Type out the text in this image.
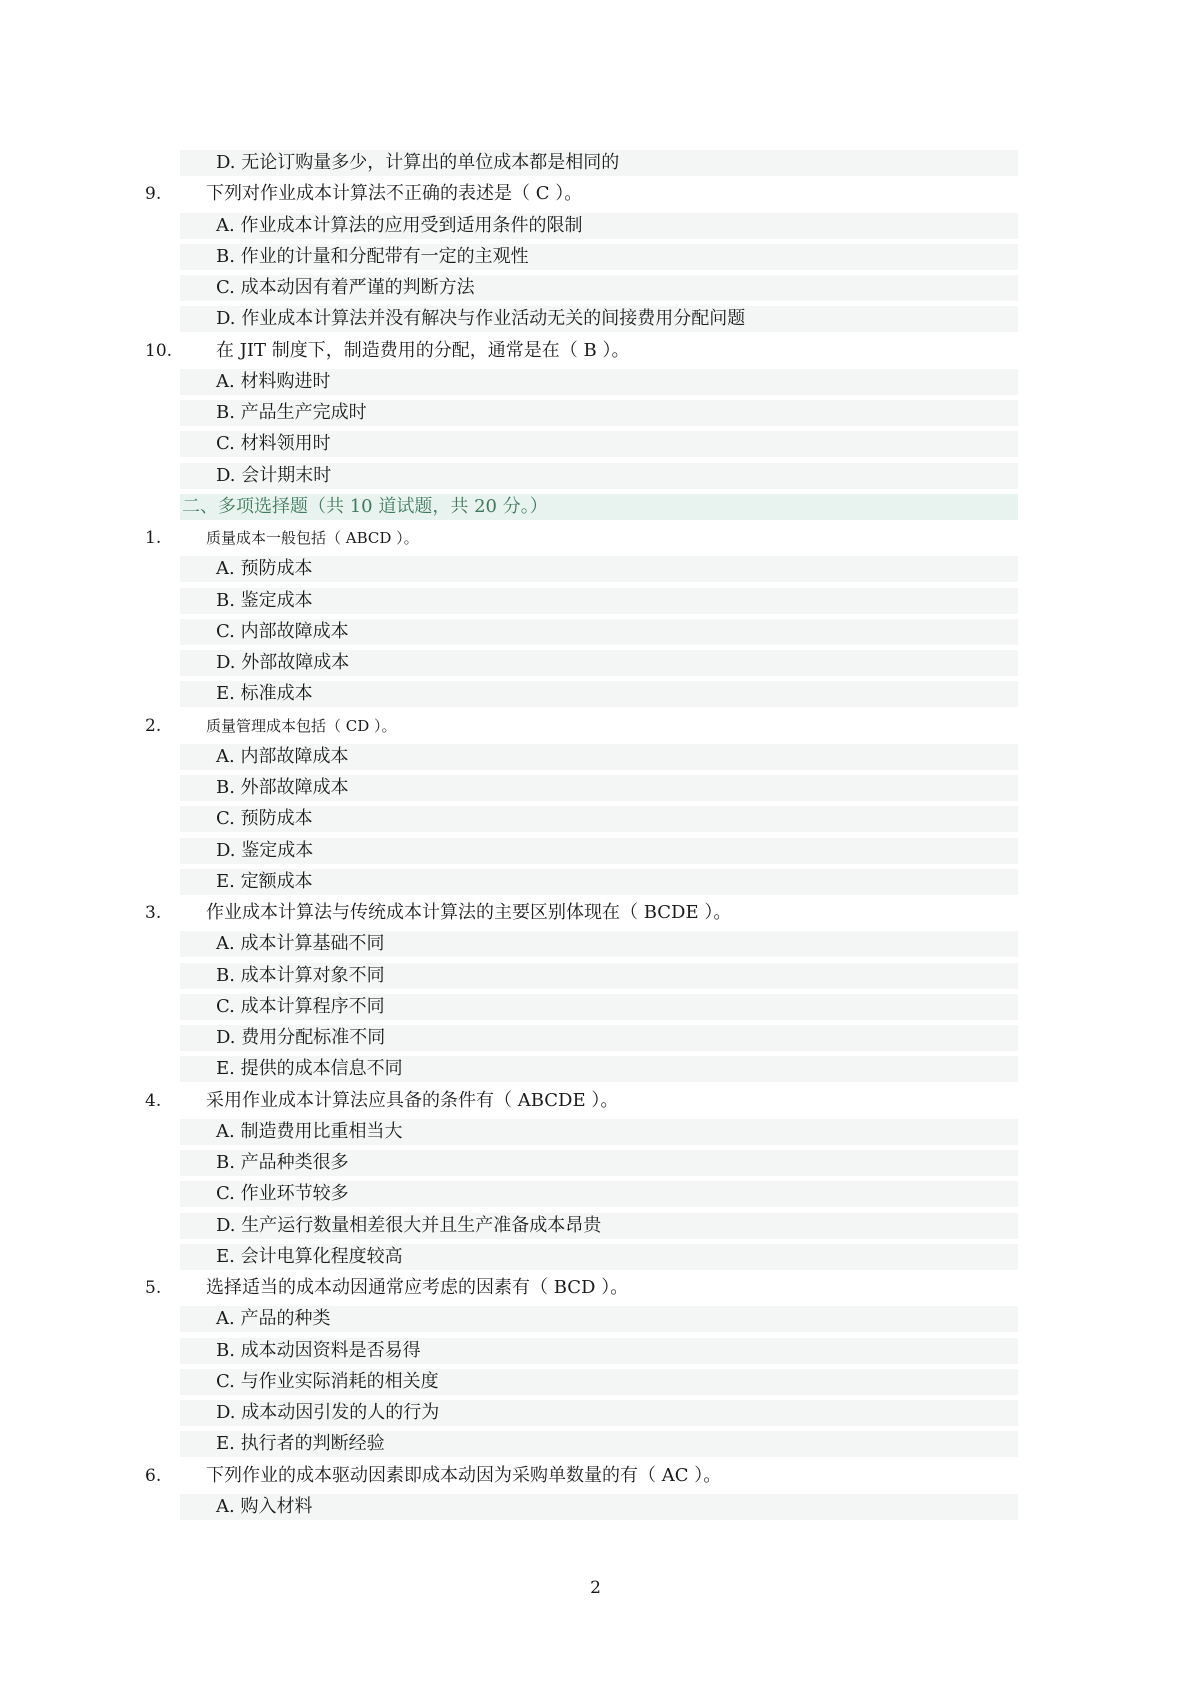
D. 无论订购量多少，计算出的单位成本都是相同的
9. 下列对作业成本计算法不正确的表述是（ C ）。
A. 作业成本计算法的应用受到适用条件的限制
B. 作业的计量和分配带有一定的主观性
C. 成本动因有着严谨的判断方法
D. 作业成本计算法并没有解决与作业活动无关的间接费用分配问题
10. 在 JIT 制度下，制造费用的分配，通常是在（ B ）。
A. 材料购进时
B. 产品生产完成时
C. 材料领用时
D. 会计期末时
二、多项选择题（共 10 道试题，共 20 分。）
1.	质量成本一般包括（ ABCD ）。
A. 预防成本
B. 鉴定成本
C. 内部故障成本
D. 外部故障成本
E. 标准成本
2.	质量管理成本包括（ CD ）。
A. 内部故障成本
B. 外部故障成本
C. 预防成本
D. 鉴定成本
E. 定额成本
3. 作业成本计算法与传统成本计算法的主要区别体现在（ BCDE ）。
A. 成本计算基础不同
B. 成本计算对象不同
C. 成本计算程序不同
D. 费用分配标准不同
E. 提供的成本信息不同
4. 采用作业成本计算法应具备的条件有（ ABCDE ）。
A. 制造费用比重相当大
B. 产品种类很多
C. 作业环节较多
D. 生产运行数量相差很大并且生产准备成本昂贵
E. 会计电算化程度较高
5. 选择适当的成本动因通常应考虑的因素有（ BCD ）。
A. 产品的种类
B. 成本动因资料是否易得
C. 与作业实际消耗的相关度
D. 成本动因引发的人的行为
E. 执行者的判断经验
6. 下列作业的成本驱动因素即成本动因为采购单数量的有（ AC ）。
A. 购入材料
2
